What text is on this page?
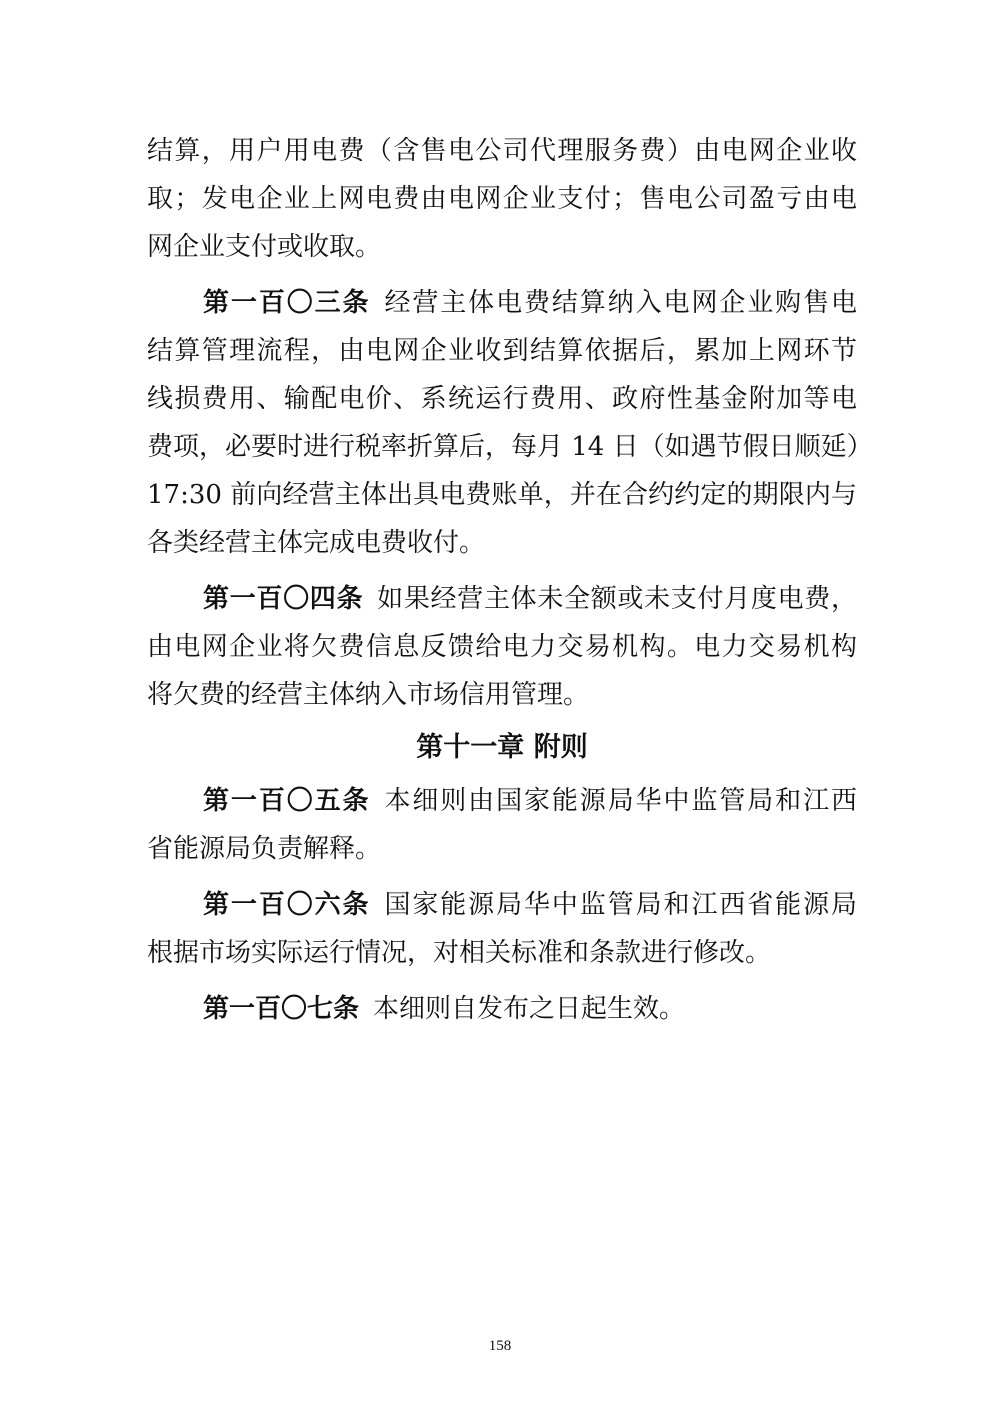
结算，用户用电费（含售电公司代理服务费）由电网企业收
取；发电企业上网电费由电网企业支付；售电公司盈亏由电
网企业支付或收取。
第一百〇三条 经营主体电费结算纳入电网企业购售电
结算管理流程，由电网企业收到结算依据后，累加上网环节
线损费用、输配电价、系统运行费用、政府性基金附加等电
费项，必要时进行税率折算后，每月 14 日（如遇节假日顺延）
17:30 前向经营主体出具电费账单，并在合约约定的期限内与
各类经营主体完成电费收付。
第一百〇四条 如果经营主体未全额或未支付月度电费，
由电网企业将欠费信息反馈给电力交易机构。电力交易机构
将欠费的经营主体纳入市场信用管理。
第十一章 附则
第一百〇五条 本细则由国家能源局华中监管局和江西
省能源局负责解释。
第一百〇六条 国家能源局华中监管局和江西省能源局
根据市场实际运行情况，对相关标准和条款进行修改。
第一百〇七条 本细则自发布之日起生效。
158
